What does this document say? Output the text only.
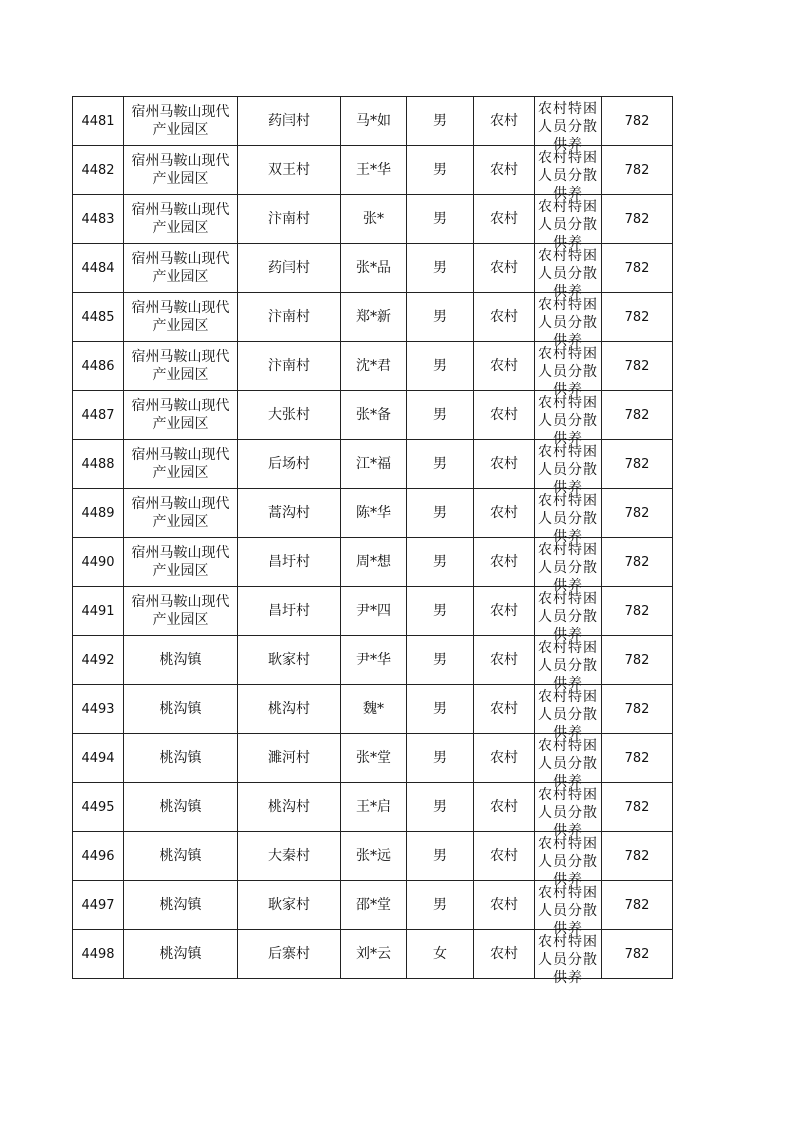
4481	宿州马鞍山现代产业园区	药闫村	马*如	男	农村	农村特困人员分散供养	782
4482	宿州马鞍山现代产业园区	双王村	王*华	男	农村	农村特困人员分散供养	782
4483	宿州马鞍山现代产业园区	汴南村	张*	男	农村	农村特困人员分散供养	782
4484	宿州马鞍山现代产业园区	药闫村	张*品	男	农村	农村特困人员分散供养	782
4485	宿州马鞍山现代产业园区	汴南村	郑*新	男	农村	农村特困人员分散供养	782
4486	宿州马鞍山现代产业园区	汴南村	沈*君	男	农村	农村特困人员分散供养	782
4487	宿州马鞍山现代产业园区	大张村	张*备	男	农村	农村特困人员分散供养	782
4488	宿州马鞍山现代产业园区	后场村	江*福	男	农村	农村特困人员分散供养	782
4489	宿州马鞍山现代产业园区	蒿沟村	陈*华	男	农村	农村特困人员分散供养	782
4490	宿州马鞍山现代产业园区	昌圩村	周*想	男	农村	农村特困人员分散供养	782
4491	宿州马鞍山现代产业园区	昌圩村	尹*四	男	农村	农村特困人员分散供养	782
4492	桃沟镇	耿家村	尹*华	男	农村	农村特困人员分散供养	782
4493	桃沟镇	桃沟村	魏*	男	农村	农村特困人员分散供养	782
4494	桃沟镇	濉河村	张*堂	男	农村	农村特困人员分散供养	782
4495	桃沟镇	桃沟村	王*启	男	农村	农村特困人员分散供养	782
4496	桃沟镇	大秦村	张*远	男	农村	农村特困人员分散供养	782
4497	桃沟镇	耿家村	邵*堂	男	农村	农村特困人员分散供养	782
4498	桃沟镇	后寨村	刘*云	女	农村	农村特困人员分散供养	782
